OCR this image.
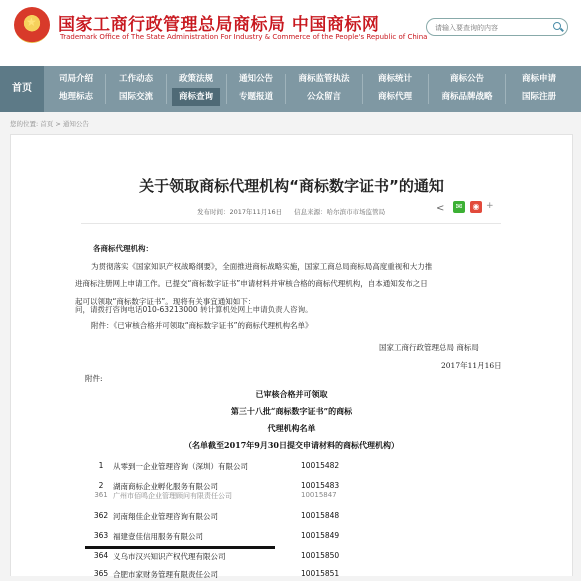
★ 国家工商行政管理总局商标局 中国商标网
Trademark Office of The State Administration For Industry & Commerce of the People's Republic of China
请输入要查询的内容
首页
司局介绍
地理标志
工作动态
国际交流
政策法规
商标查询
通知公告
专题报道
商标监管执法
公众留言
商标统计
商标代理
商标公告
商标品牌战略
商标申请
国际注册
您的位置: 首页 > 通知公告
关于领取商标代理机构“商标数字证书”的通知
发布时间：2017年11月16日 信息来源：哈尔滨市市场监管局	<	✉	◉ +
各商标代理机构：
为贯彻落实《国家知识产权战略纲要》，全面推进商标战略实施，国家工商总局商标局高度重视和大力推
进商标注册网上申请工作。已提交“商标数字证书”申请材料并审核合格的商标代理机构，自本通知发布之日
起可以领取“商标数字证书”。现将有关事宜通知如下：
问，请拨打咨询电话010-63213000 转计算机处网上申请负责人咨询。
附件：《已审核合格并可领取“商标数字证书”的商标代理机构名单》
国家工商行政管理总局 商标局
2017年11月16日
附件:
已审核合格并可领取
第三十八批“商标数字证书”的商标
代理机构名单
（名单截至2017年9月30日提交申请材料的商标代理机构）
1	从零到一企业管理咨询（深圳）有限公司	10015482
2	湖南商标企业孵化服务有限公司	10015483
361 广州市佰鸣企业管理顾问有限责任公司	10015847
362 河南翔佳企业管理咨询有限公司	10015848
363 福建壹佳信用服务有限公司	10015849
364 义乌市汉兴知识产权代理有限公司	10015850
365 合肥市家财务管理有限责任公司	10015851
